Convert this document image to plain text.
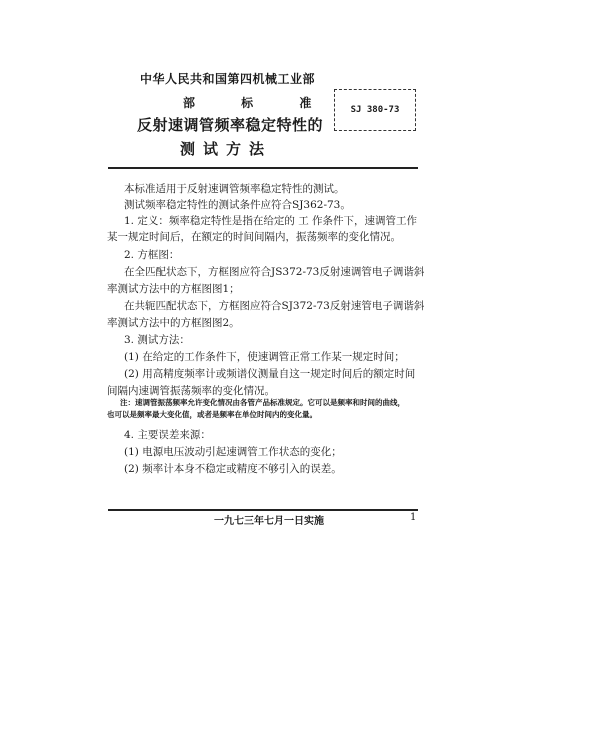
中华人民共和国第四机械工业部
部 标 准	SJ 380-73
反射速调管频率稳定特性的
测试方法
本标准适用于反射速调管频率稳定特性的测试。
测试频率稳定特性的测试条件应符合SJ362-73。
1. 定义：频率稳定特性是指在给定的 工 作条件下，速调管工作
某一规定时间后，在额定的时间间隔内，振荡频率的变化情况。
2. 方框图：
在全匹配状态下，方框图应符合JS372-73反射速调管电子调谐斜
率测试方法中的方框图图1；
在共轭匹配状态下，方框图应符合SJ372-73反射速管电子调谐斜
率测试方法中的方框图图2。
3. 测试方法：
(1) 在给定的工作条件下，使速调管正常工作某一规定时间；
(2) 用高精度频率计或频谱仪测量自这一规定时间后的额定时间
间隔内速调管振荡频率的变化情况。
注：速调管振荡频率允许变化情况由各管产品标准规定。它可以是频率和时间的曲线，
也可以是频率最大变化值，或者是频率在单位时间内的变化量。
4. 主要误差来源：
(1) 电源电压波动引起速调管工作状态的变化；
(2) 频率计本身不稳定或精度不够引入的误差。
一九七三年七月一日实施	1
